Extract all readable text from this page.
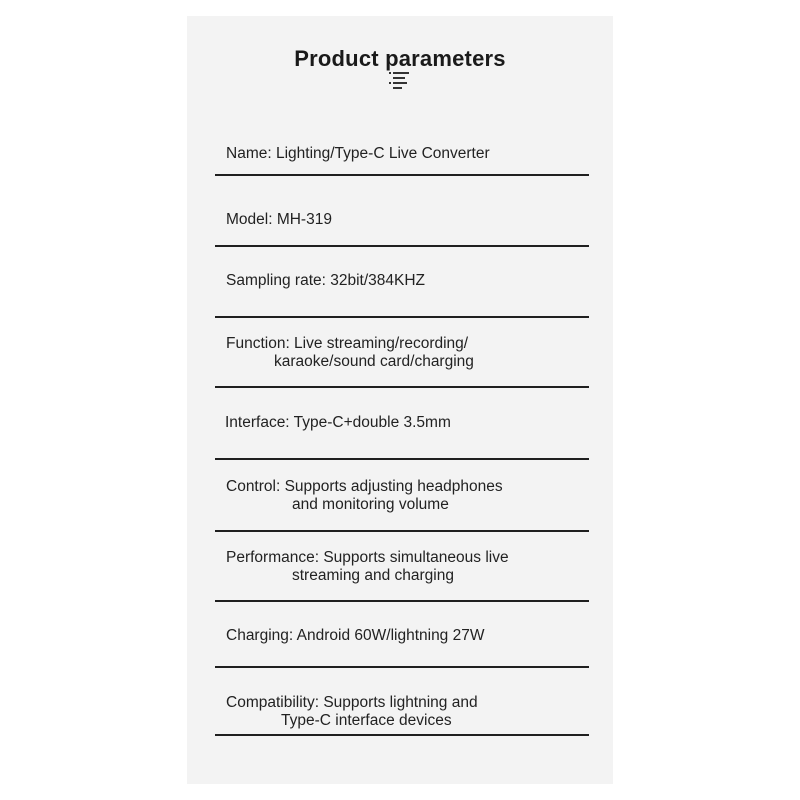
Product parameters
Name: Lighting/Type-C Live Converter
Model: MH-319
Sampling rate: 32bit/384KHZ
Function: Live streaming/recording/
karaoke/sound card/charging
Interface: Type-C+double 3.5mm
Control: Supports adjusting headphones
and monitoring volume
Performance: Supports simultaneous live
streaming and charging
Charging: Android 60W/lightning 27W
Compatibility: Supports lightning and
Type-C interface devices
